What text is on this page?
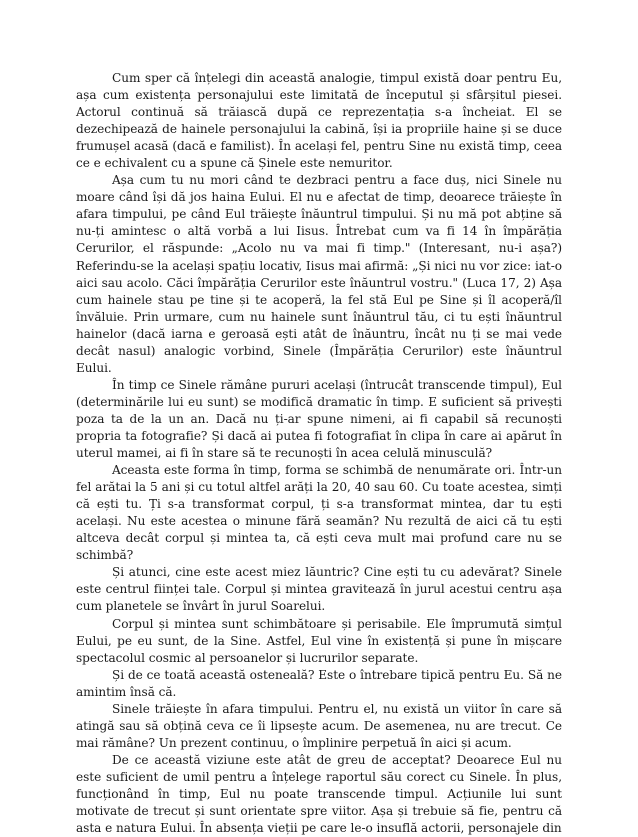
Cum sper că înțelegi din această analogie, timpul există doar pentru Eu, așa cum existența personajului este limitată de începutul și sfârșitul piesei. Actorul continuă să trăiască după ce reprezentația s-a încheiat. El se dezechipează de hainele personajului la cabină, își ia propriile haine și se duce frumușel acasă (dacă e familist). În același fel, pentru Sine nu există timp, ceea ce e echivalent cu a spune că Șinele este nemuritor.

Așa cum tu nu mori când te dezbraci pentru a face duș, nici Sinele nu moare când își dă jos haina Eului. El nu e afectat de timp, deoarece trăiește în afara timpului, pe când Eul trăiește înăuntrul timpului. Și nu mă pot abține să nu-ți amintesc o altă vorbă a lui Iisus. Întrebat cum va fi 14 în împărăția Cerurilor, el răspunde: „Acolo nu va mai fi timp." (Interesant, nu-i așa?) Referindu-se la același spațiu locativ, Iisus mai afirmă: „Și nici nu vor zice: iat-o aici sau acolo. Căci împărăția Cerurilor este înăuntrul vostru." (Luca 17, 2) Așa cum hainele stau pe tine și te acoperă, la fel stă Eul pe Sine și îl acoperă/îl învăluie. Prin urmare, cum nu hainele sunt înăuntrul tău, ci tu ești înăuntrul hainelor (dacă iarna e geroasă ești atât de înăuntru, încât nu ți se mai vede decât nasul) analogic vorbind, Sinele (Împărăția Cerurilor) este înăuntrul Eului.

În timp ce Sinele rămâne pururi același (întrucât transcende timpul), Eul (determinările lui eu sunt) se modifică dramatic în timp. E suficient să privești poza ta de la un an. Dacă nu ți-ar spune nimeni, ai fi capabil să recunoști propria ta fotografie? Și dacă ai putea fi fotografiat în clipa în care ai apărut în uterul mamei, ai fi în stare să te recunoști în acea celulă minusculă?

Aceasta este forma în timp, forma se schimbă de nenumărate ori. Într-un fel arătai la 5 ani și cu totul altfel arăți la 20, 40 sau 60. Cu toate acestea, simți că ești tu. Ți s-a transformat corpul, ți s-a transformat mintea, dar tu ești același. Nu este acestea o minune fără seamăn? Nu rezultă de aici că tu ești altceva decât corpul și mintea ta, că ești ceva mult mai profund care nu se schimbă?

Și atunci, cine este acest miez lăuntric? Cine ești tu cu adevărat? Sinele este centrul ființei tale. Corpul și mintea gravitează în jurul acestui centru așa cum planetele se învârt în jurul Soarelui.

Corpul și mintea sunt schimbătoare și perisabile. Ele împrumută simțul Eului, pe eu sunt, de la Sine. Astfel, Eul vine în existență și pune în mișcare spectacolul cosmic al persoanelor și lucrurilor separate.

Și de ce toată această osteneală? Este o întrebare tipică pentru Eu. Să ne amintim însă că.

Sinele trăiește în afara timpului. Pentru el, nu există un viitor în care să atingă sau să obțină ceva ce îi lipsește acum. De asemenea, nu are trecut. Ce mai rămâne? Un prezent continuu, o împlinire perpetuă în aici și acum.

De ce această viziune este atât de greu de acceptat? Deoarece Eul nu este suficient de umil pentru a înțelege raportul său corect cu Sinele. În plus, funcționând în timp, Eul nu poate transcende timpul. Acțiunile lui sunt motivate de trecut și sunt orientate spre viitor. Așa și trebuie să fie, pentru că asta e natura Eului. În absența vieții pe care le-o insuflă actorii, personajele din
